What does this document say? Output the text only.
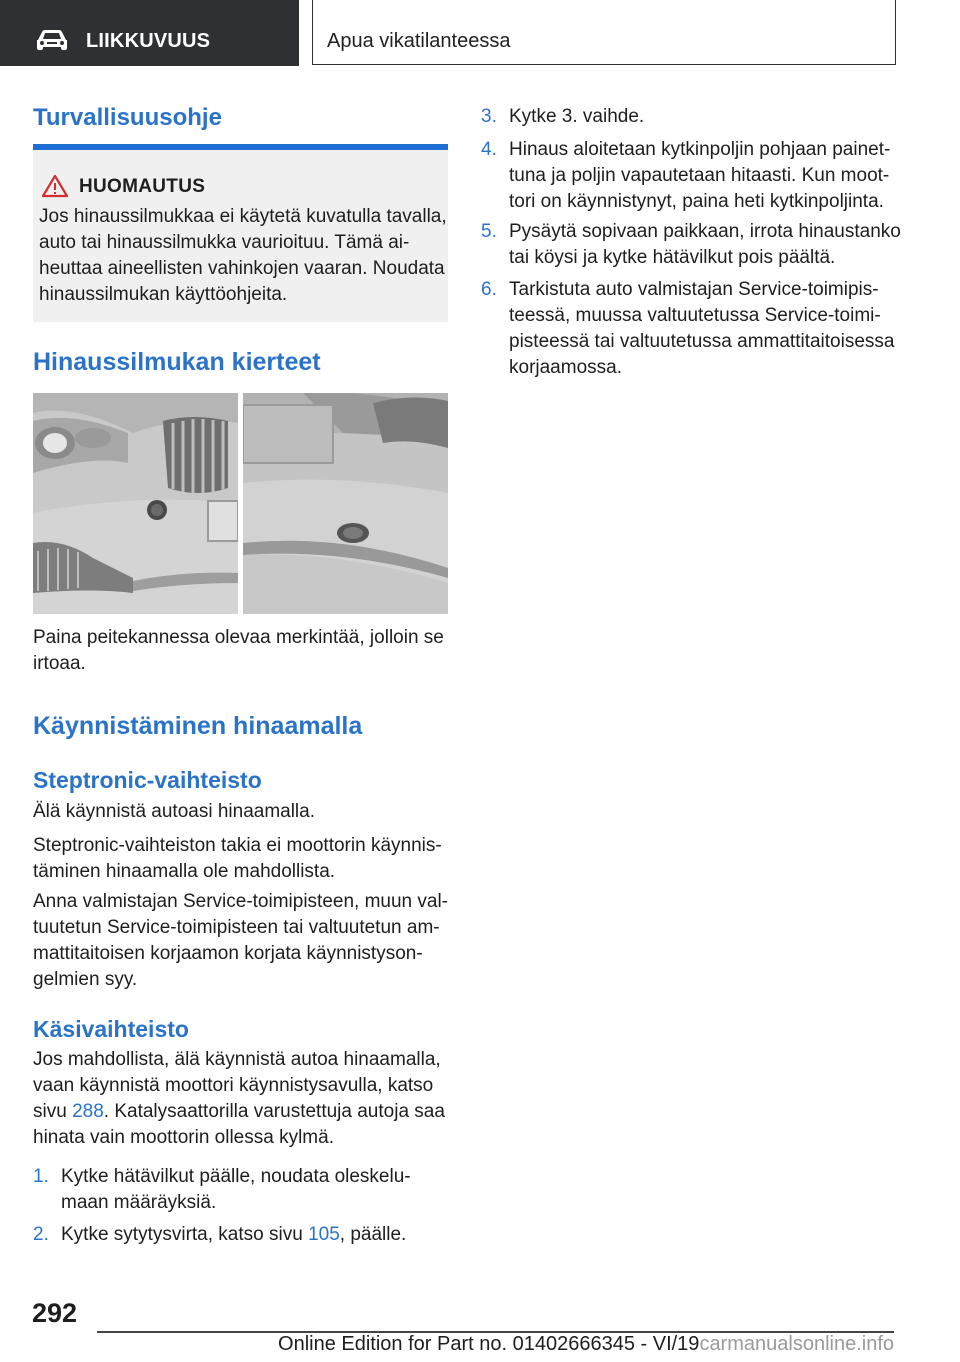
LIIKKUVUUS	Apua vikatilanteessa
Turvallisuusohje
HUOMAUTUS
Jos hinaussilmukkaa ei käytetä kuvatulla tavalla,
auto tai hinaussilmukka vaurioituu. Tämä ai-
heuttaa aineellisten vahinkojen vaaran. Noudata
hinaussilmukan käyttöohjeita.
Hinaussilmukan kierteet
Paina peitekannessa olevaa merkintää, jolloin se
irtoaa.
Käynnistäminen hinaamalla
Steptronic-vaihteisto
Älä käynnistä autoasi hinaamalla.
Steptronic-vaihteiston takia ei moottorin käynnis-
täminen hinaamalla ole mahdollista.
Anna valmistajan Service-toimipisteen, muun val-
tuutetun Service-toimipisteen tai valtuutetun am-
mattitaitoisen korjaamon korjata käynnistyson-
gelmien syy.
Käsivaihteisto
Jos mahdollista, älä käynnistä autoa hinaamalla,
vaan käynnistä moottori käynnistysavulla, katso
sivu 288. Katalysaattorilla varustettuja autoja saa
hinata vain moottorin ollessa kylmä.
1. Kytke hätävilkut päälle, noudata oleskelu-
maan määräyksiä.
2. Kytke sytytysvirta, katso sivu 105, päälle.
3. Kytke 3. vaihde.
4. Hinaus aloitetaan kytkinpoljin pohjaan painet-
tuna ja poljin vapautetaan hitaasti. Kun moot-
tori on käynnistynyt, paina heti kytkinpoljinta.
5. Pysäytä sopivaan paikkaan, irrota hinaustanko
tai köysi ja kytke hätävilkut pois päältä.
6. Tarkistuta auto valmistajan Service-toimipis-
teessä, muussa valtuutetussa Service-toimi-
pisteessä tai valtuutetussa ammattitaitoisessa
korjaamossa.
292
Online Edition for Part no. 01402666345 - VI/19carmanualsonline.info
